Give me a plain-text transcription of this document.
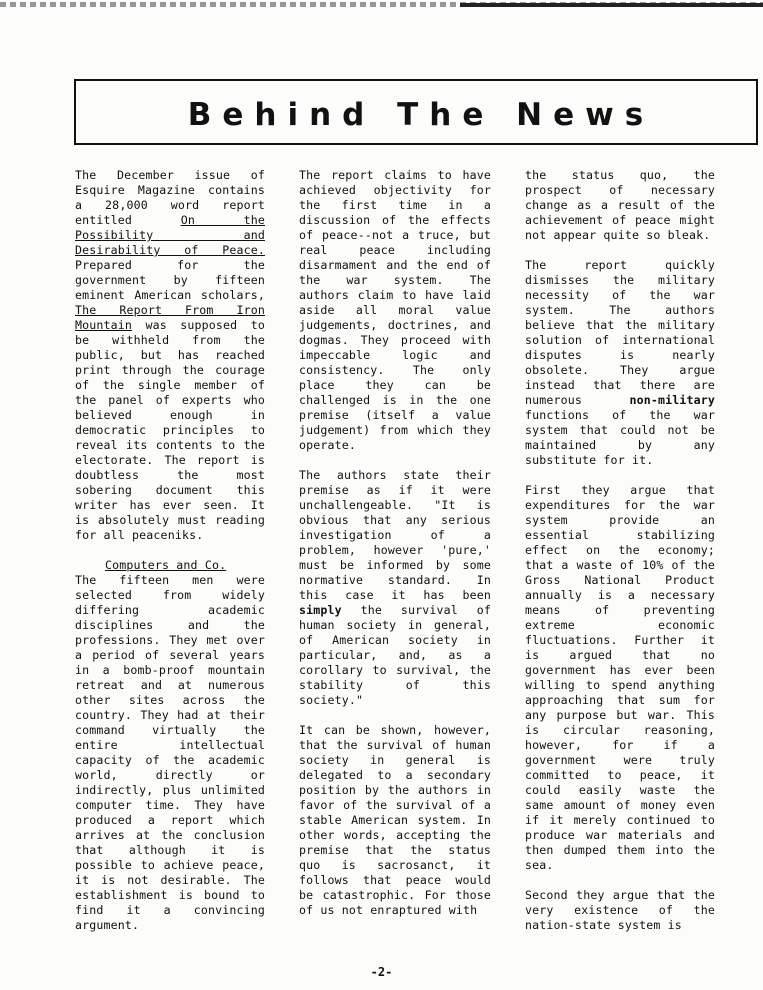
Behind The News

The December issue of Esquire Magazine contains a 28,000 word report entitled On the Possibility and Desirability of Peace. Prepared for the government by fifteen eminent American scholars, The Report From Iron Mountain was supposed to be withheld from the public, but has reached print through the courage of the single member of the panel of experts who believed enough in democratic principles to reveal its contents to the electorate. The report is doubtless the most sobering document this writer has ever seen. It is absolutely must reading for all peaceniks.

Computers and Co.

The fifteen men were selected from widely differing academic disciplines and the professions. They met over a period of several years in a bomb-proof mountain retreat and at numerous other sites across the country. They had at their command virtually the entire intellectual capacity of the academic world, directly or indirectly, plus unlimited computer time. They have produced a report which arrives at the conclusion that although it is possible to achieve peace, it is not desirable. The establishment is bound to find it a convincing argument.

The report claims to have achieved objectivity for the first time in a discussion of the effects of peace--not a truce, but real peace including disarmament and the end of the war system. The authors claim to have laid aside all moral value judgements, doctrines, and dogmas. They proceed with impeccable logic and consistency. The only place they can be challenged is in the one premise (itself a value judgement) from which they operate.

The authors state their premise as if it were unchallengeable. "It is obvious that any serious investigation of a problem, however 'pure,' must be informed by some normative standard. In this case it has been simply the survival of human society in general, of American society in particular, and, as a corollary to survival, the stability of this society."

It can be shown, however, that the survival of human society in general is delegated to a secondary position by the authors in favor of the survival of a stable American system. In other words, accepting the premise that the status quo is sacrosanct, it follows that peace would be catastrophic. For those of us not enraptured with

the status quo, the prospect of necessary change as a result of the achievement of peace might not appear quite so bleak.

The report quickly dismisses the military necessity of the war system. The authors believe that the military solution of international disputes is nearly obsolete. They argue instead that there are numerous non-military functions of the war system that could not be maintained by any substitute for it.

First they argue that expenditures for the war system provide an essential stabilizing effect on the economy; that a waste of 10% of the Gross National Product annually is a necessary means of preventing extreme economic fluctuations. Further it is argued that no government has ever been willing to spend anything approaching that sum for any purpose but war. This is circular reasoning, however, for if a government were truly committed to peace, it could easily waste the same amount of money even if it merely continued to produce war materials and then dumped them into the sea.

Second they argue that the very existence of the nation-state system is

-2-
